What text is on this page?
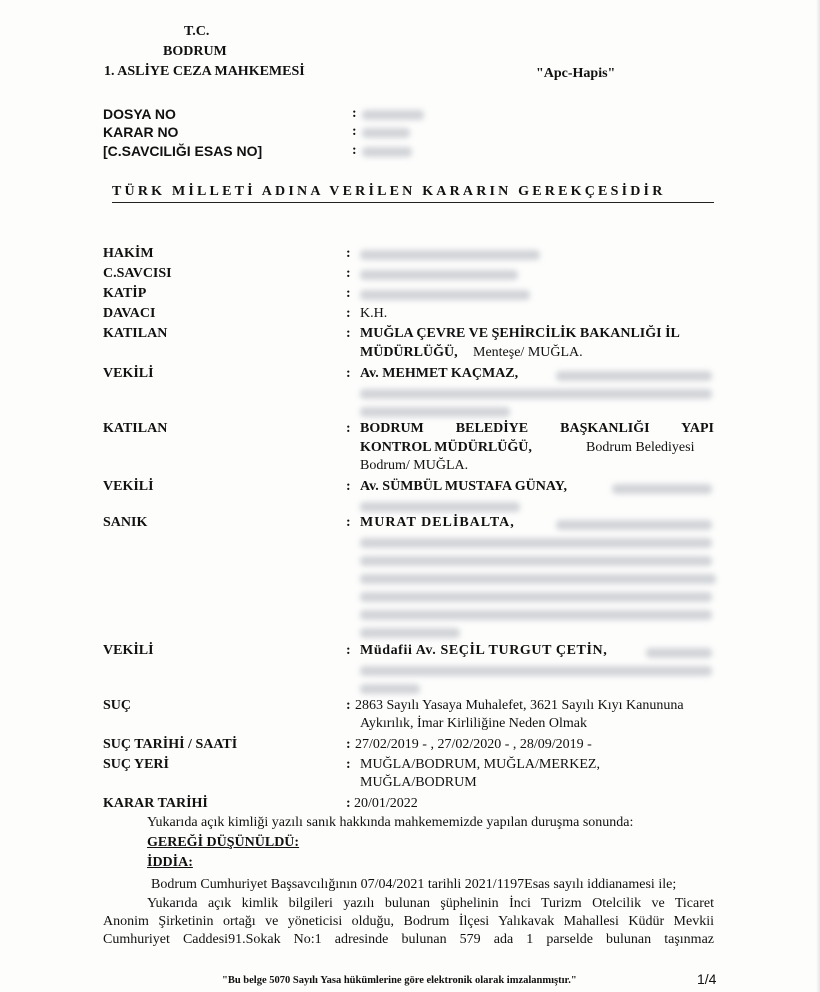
T.C.
BODRUM
1. ASLİYE CEZA MAHKEMESİ	"Apc-Hapis"
DOSYA NO	:
KARAR NO	:
[C.SAVCILIĞI ESAS NO]	:
TÜRK MİLLETİ ADINA VERİLEN KARARIN GEREKÇESİDİR
HAKİM	:
C.SAVCISI	:
KATİP	:
DAVACI	: K.H.
KATILAN	: MUĞLA ÇEVRE VE ŞEHİRCİLİK BAKANLIĞI İL
MÜDÜRLÜĞÜ, Menteşe/ MUĞLA.
VEKİLİ	: Av. MEHMET KAÇMAZ,
KATILAN	: BODRUM BELEDİYE BAŞKANLIĞI YAPI
KONTROL MÜDÜRLÜĞÜ,	Bodrum Belediyesi
Bodrum/ MUĞLA.
VEKİLİ	: Av. SÜMBÜL MUSTAFA GÜNAY,
SANIK	: MURAT DELİBALTA,
VEKİLİ	: Müdafii Av. SEÇİL TURGUT ÇETİN,
SUÇ	: 2863 Sayılı Yasaya Muhalefet, 3621 Sayılı Kıyı Kanununa
Aykırılık, İmar Kirliliğine Neden Olmak
SUÇ TARİHİ / SAATİ	: 27/02/2019 - , 27/02/2020 - , 28/09/2019 -
SUÇ YERİ	: MUĞLA/BODRUM, MUĞLA/MERKEZ,
MUĞLA/BODRUM
KARAR TARİHİ	: 20/01/2022
Yukarıda açık kimliği yazılı sanık hakkında mahkememizde yapılan duruşma sonunda:
GEREĞİ DÜŞÜNÜLDÜ:
İDDİA:
Bodrum Cumhuriyet Başsavcılığının 07/04/2021 tarihli 2021/1197Esas sayılı iddianamesi ile;
Yukarıda açık kimlik bilgileri yazılı bulunan şüphelinin İnci Turizm Otelcilik ve Ticaret
Anonim Şirketinin ortağı ve yöneticisi olduğu, Bodrum İlçesi Yalıkavak Mahallesi Küdür Mevkii
Cumhuriyet Caddesi91.Sokak No:1 adresinde bulunan 579 ada 1 parselde bulunan taşınmaz
"Bu belge 5070 Sayılı Yasa hükümlerine göre elektronik olarak imzalanmıştır."	1/4
